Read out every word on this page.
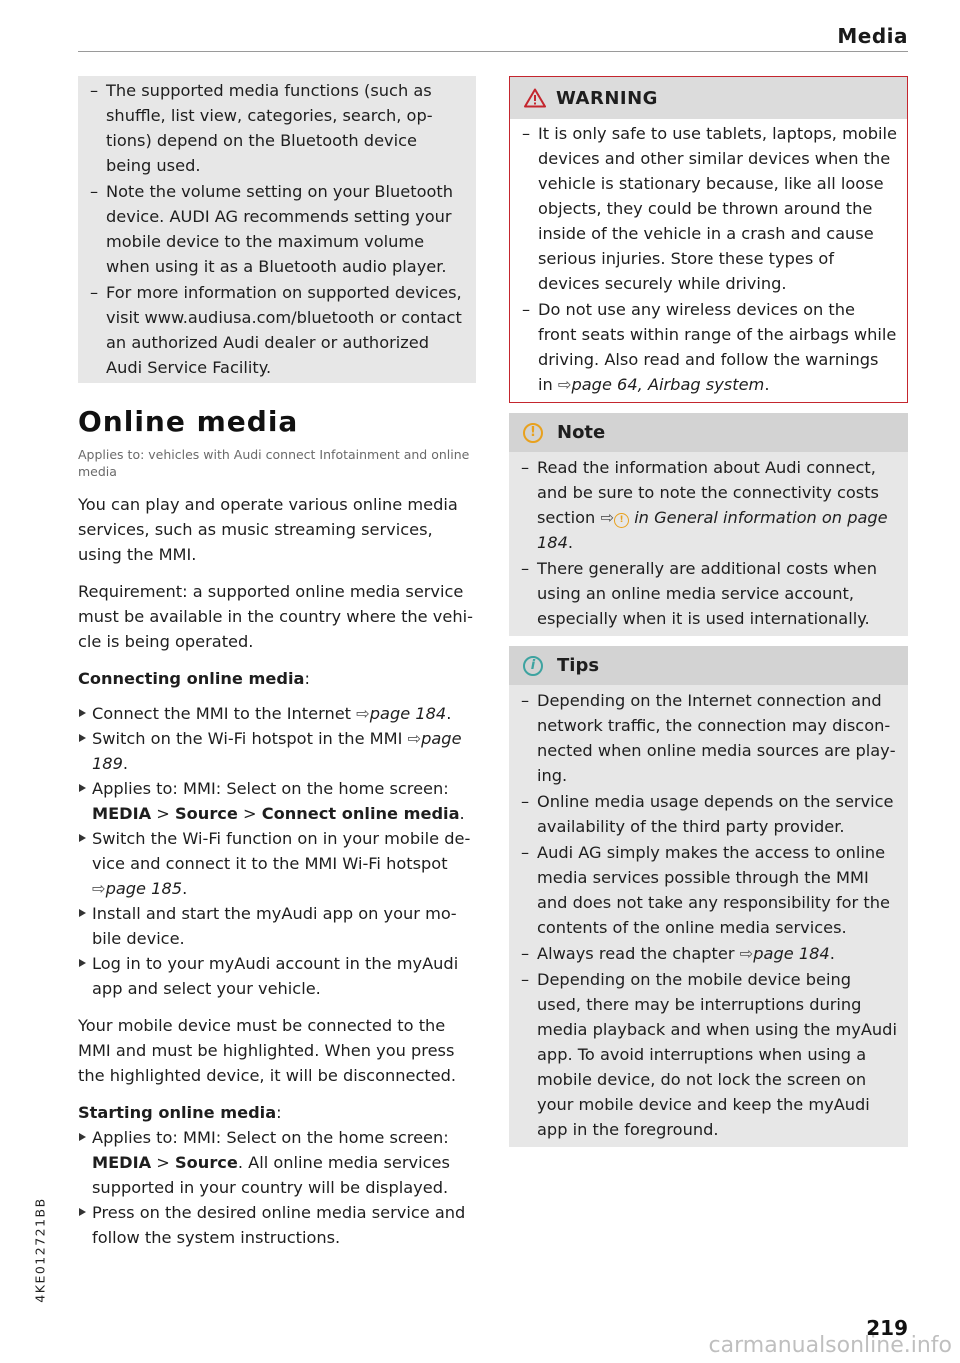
Media
– The supported media functions (such as shuffle, list view, categories, search, options) depend on the Bluetooth device being used.
– Note the volume setting on your Bluetooth device. AUDI AG recommends setting your mobile device to the maximum volume when using it as a Bluetooth audio player.
– For more information on supported devices, visit www.audiusa.com/bluetooth or contact an authorized Audi dealer or authorized Audi Service Facility.
Online media

Applies to: vehicles with Audi connect Infotainment and online media

You can play and operate various online media services, such as music streaming services, using the MMI.

Requirement: a supported online media service must be available in the country where the vehicle is being operated.

Connecting online media:

Connect the MMI to the Internet ⇨page 184.
Switch on the Wi-Fi hotspot in the MMI ⇨page 189.
Applies to: MMI: Select on the home screen: MEDIA > Source > Connect online media.
Switch the Wi-Fi function on in your mobile device and connect it to the MMI Wi-Fi hotspot ⇨page 185.
Install and start the myAudi app on your mobile device.
Log in to your myAudi account in the myAudi app and select your vehicle.

Your mobile device must be connected to the MMI and must be highlighted. When you press the highlighted device, it will be disconnected.

Starting online media:

Applies to: MMI: Select on the home screen: MEDIA > Source. All online media services supported in your country will be displayed.
Press on the desired online media service and follow the system instructions.
WARNING
– It is only safe to use tablets, laptops, mobile devices and other similar devices when the vehicle is stationary because, like all loose objects, they could be thrown around the inside of the vehicle in a crash and cause serious injuries. Store these types of devices securely while driving.
– Do not use any wireless devices on the front seats within range of the airbags while driving. Also read and follow the warnings in ⇨page 64, Airbag system.
!	Note
– Read the information about Audi connect, and be sure to note the connectivity costs section ⇨ ! in General information on page 184.
– There generally are additional costs when using an online media service account, especially when it is used internationally.
i	Tips
– Depending on the Internet connection and network traffic, the connection may disconnected when online media sources are playing.
– Online media usage depends on the service availability of the third party provider.
– Audi AG simply makes the access to online media services possible through the MMI and does not take any responsibility for the contents of the online media services.
– Always read the chapter ⇨page 184.
– Depending on the mobile device being used, there may be interruptions during media playback and when using the myAudi app. To avoid interruptions when using a mobile device, do not lock the screen on your mobile device and keep the myAudi app in the foreground.
4KE012721BB
219
carmanualsonline.info
